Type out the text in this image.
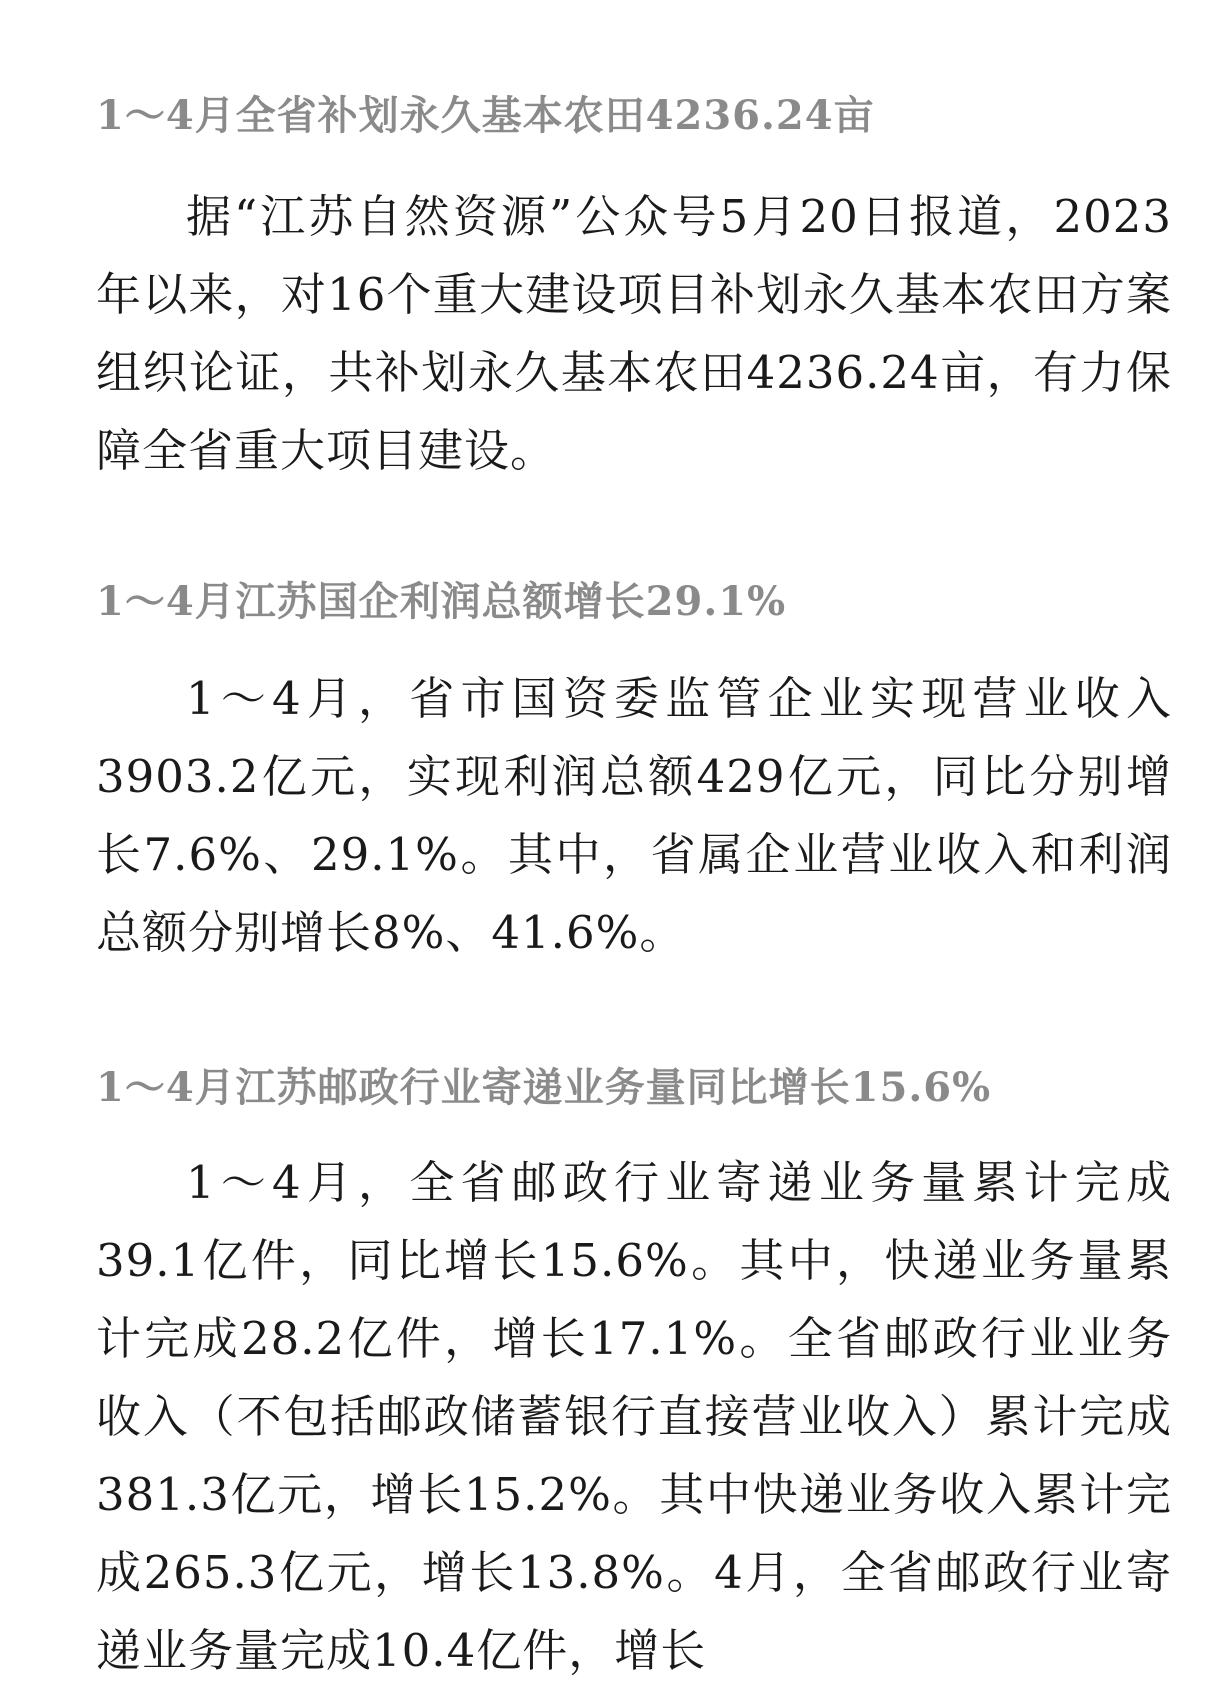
1～4月全省补划永久基本农田4236.24亩

据“江苏自然资源”公众号5月20日报道，2023年以来，对16个重大建设项目补划永久基本农田方案组织论证，共补划永久基本农田4236.24亩，有力保障全省重大项目建设。

1～4月江苏国企利润总额增长29.1%

1～4月，省市国资委监管企业实现营业收入3903.2亿元，实现利润总额429亿元，同比分别增长7.6%、29.1%。其中，省属企业营业收入和利润总额分别增长8%、41.6%。

1～4月江苏邮政行业寄递业务量同比增长15.6%

1～4月，全省邮政行业寄递业务量累计完成39.1亿件，同比增长15.6%。其中，快递业务量累计完成28.2亿件，增长17.1%。全省邮政行业业务收入（不包括邮政储蓄银行直接营业收入）累计完成381.3亿元，增长15.2%。其中快递业务收入累计完成265.3亿元，增长13.8%。4月，全省邮政行业寄递业务量完成10.4亿件，增长
